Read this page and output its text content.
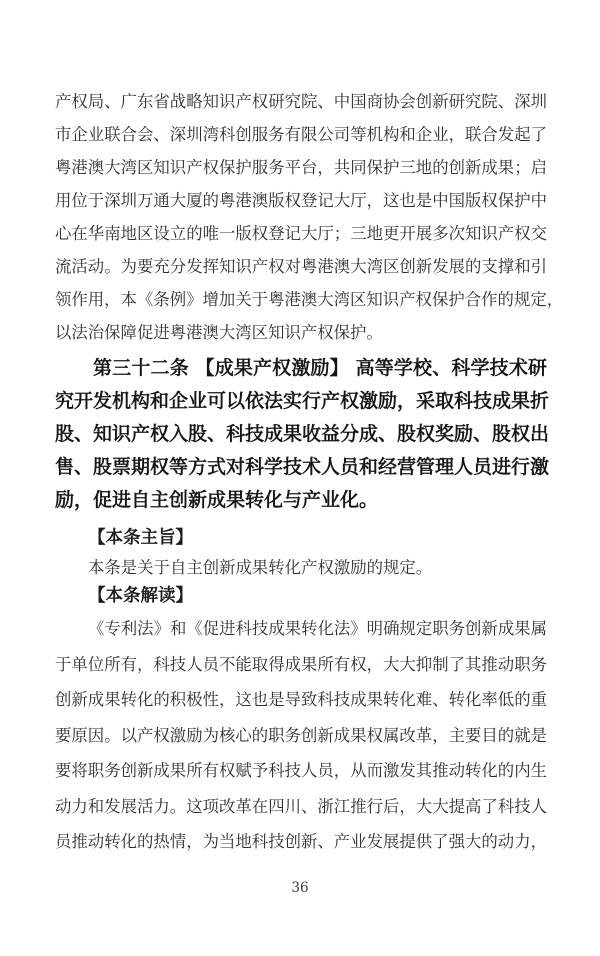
产权局、广东省战略知识产权研究院、中国商协会创新研究院、深圳
市企业联合会、深圳湾科创服务有限公司等机构和企业，联合发起了
粤港澳大湾区知识产权保护服务平台，共同保护三地的创新成果；启
用位于深圳万通大厦的粤港澳版权登记大厅，这也是中国版权保护中
心在华南地区设立的唯一版权登记大厅；三地更开展多次知识产权交
流活动。为要充分发挥知识产权对粤港澳大湾区创新发展的支撑和引
领作用，本《条例》增加关于粤港澳大湾区知识产权保护合作的规定，
以法治保障促进粤港澳大湾区知识产权保护。
第三十二条 【成果产权激励】 高等学校、科学技术研
究开发机构和企业可以依法实行产权激励，采取科技成果折
股、知识产权入股、科技成果收益分成、股权奖励、股权出
售、股票期权等方式对科学技术人员和经营管理人员进行激
励，促进自主创新成果转化与产业化。
【本条主旨】
本条是关于自主创新成果转化产权激励的规定。
【本条解读】
《专利法》和《促进科技成果转化法》明确规定职务创新成果属
于单位所有，科技人员不能取得成果所有权，大大抑制了其推动职务
创新成果转化的积极性，这也是导致科技成果转化难、转化率低的重
要原因。以产权激励为核心的职务创新成果权属改革，主要目的就是
要将职务创新成果所有权赋予科技人员，从而激发其推动转化的内生
动力和发展活力。这项改革在四川、浙江推行后，大大提高了科技人
员推动转化的热情，为当地科技创新、产业发展提供了强大的动力，
36
